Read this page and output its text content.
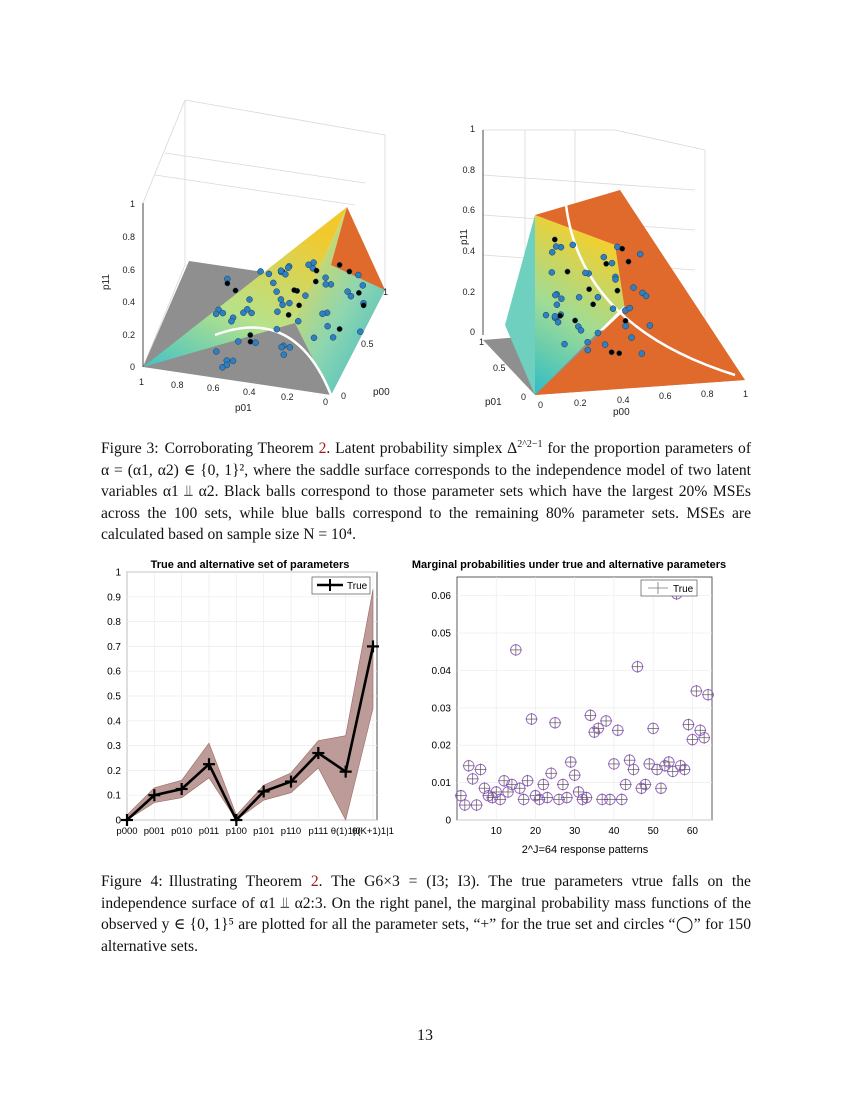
0
0.2
0.4
0.6
0.8
1
p11
1	0.8	0.6	0.4	0.2	0
p01
0
0.5
1
p00
0
0.2
0.4
0.6
0.8
1
p11
0	0.2	0.4	0.6	0.8	1
p00
0
0.5
1
p01
Figure 3: Corroborating Theorem 2. Latent probability simplex $\Delta^{2\^{}2-1}$ for the proportion parameters of α = (α1, α2) ∈ {0, 1}², where the saddle surface corresponds to the independence model of two latent variables α1 ⫫ α2. Black balls correspond to those parameter sets which have the largest 20% MSEs across the 100 sets, while blue balls correspond to the remaining 80% parameter sets. MSEs are calculated based on sample size N = 10⁴.
True and alternative set of parameters
0
0.1
0.2
0.3
0.4
0.5
0.6
0.7
0.8
0.9
1
p000 p001 p010 p011 p100 p101 p110 p111 θ(1)1|0
θ(K+1)1|1
True
Marginal probabilities under true and alternative parameters
0
0.01
0.02
0.03
0.04
0.05
0.06
10	20	30	40	50	60
2^J=64 response patterns
True
Figure 4: Illustrating Theorem 2. The G6×3 = (I3; I3). The true parameters νtrue falls on the independence surface of α1 ⫫ α2:3. On the right panel, the marginal probability mass functions of the observed y ∈ {0, 1}⁵ are plotted for all the parameter sets, “+” for the true set and circles “◯” for 150 alternative sets.
13
